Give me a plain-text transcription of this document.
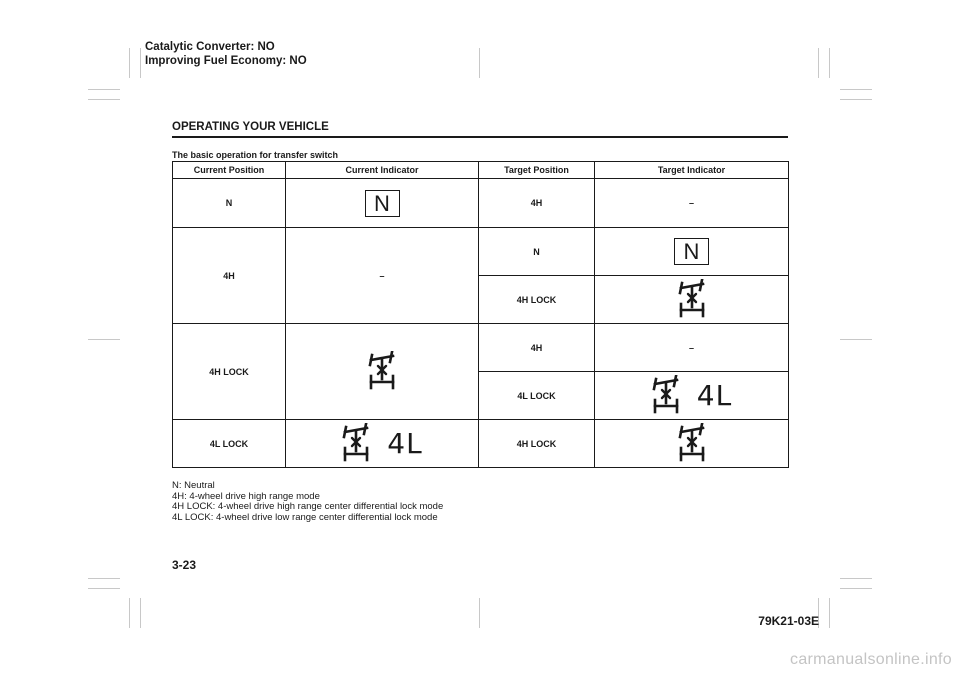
Catalytic Converter: NO
Improving Fuel Economy: NO
OPERATING YOUR VEHICLE
The basic operation for transfer switch
Current Position	Current Indicator	Target Position	Target Indicator
N	N	4H	–
4H	–	N	N
		4H LOCK	
4H LOCK		4H	–
		4L LOCK	4L

4L LOCK	4L	4H LOCK	
N: Neutral
4H: 4-wheel drive high range mode
4H LOCK: 4-wheel drive high range center differential lock mode
4L LOCK: 4-wheel drive low range center differential lock mode
3-23
79K21-03E
carmanualsonline.info
